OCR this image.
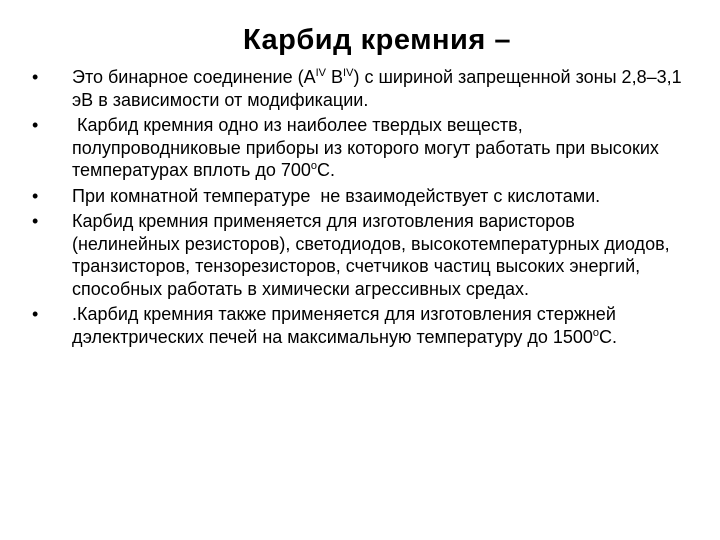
Карбид кремния –
•	Это бинарное соединение ($A^{IV}$ $B^{IV}$) с шириной запрещенной зоны 2,8–3,1 эВ в зависимости от модификации.

•	Карбид кремния одно из наиболее твердых веществ, полупроводниковые приборы из которого могут работать при высоких температурах вплоть до $700^оС$.

•	При комнатной температуре  не взаимодействует с кислотами.

•	Карбид кремния применяется для изготовления варисторов (нелинейных резисторов), светодиодов, высокотемпературных диодов, транзисторов, тензорезисторов, счетчиков частиц высоких энергий, способных работать в химически агрессивных средах.

•	.Карбид кремния также применяется для изготовления стержней дэлектрических печей на максимальную температуру до $1500^оС$.
